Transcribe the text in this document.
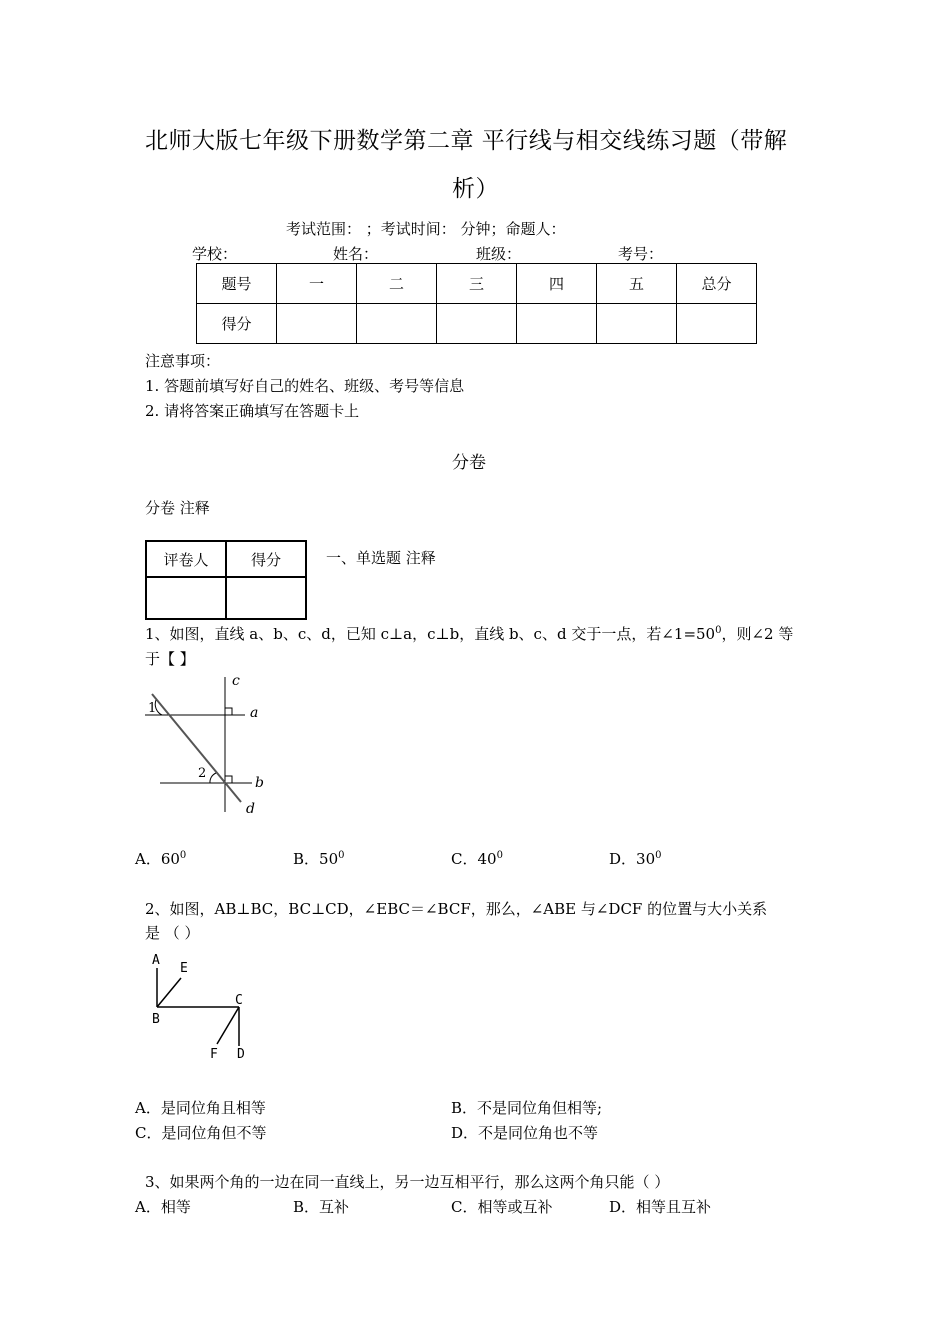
北师大版七年级下册数学第二章 平行线与相交线练习题（带解
析）
考试范围： ；考试时间： 分钟；命题人：
学校：	姓名：	班级：	考号：
题号	一	二	三	四	五	总分
得分						
注意事项：
1. 答题前填写好自己的姓名、班级、考号等信息
2. 请将答案正确填写在答题卡上
分卷
分卷 注释
评卷人	得分
		一、单选题 注释
1、如图，直线 a、b、c、d，已知 c⊥a，c⊥b，直线 b、c、d 交于一点，若$\angle 1=50^0$，则∠2 等
于【 】
c
a
b
d
1
2
A．$60^0$	B．$50^0$	C．$40^0$	D．$30^0$
2、如图，AB⊥BC，BC⊥CD，∠EBC＝∠BCF，那么，∠ABE 与∠DCF 的位置与大小关系
是 （ ）
A
E
B
C
F D
A．是同位角且相等	B．不是同位角但相等;
C．是同位角但不等	D．不是同位角也不等
3、如果两个角的一边在同一直线上，另一边互相平行，那么这两个角只能（ ）
A．相等	B．互补	C．相等或互补	D．相等且互补
